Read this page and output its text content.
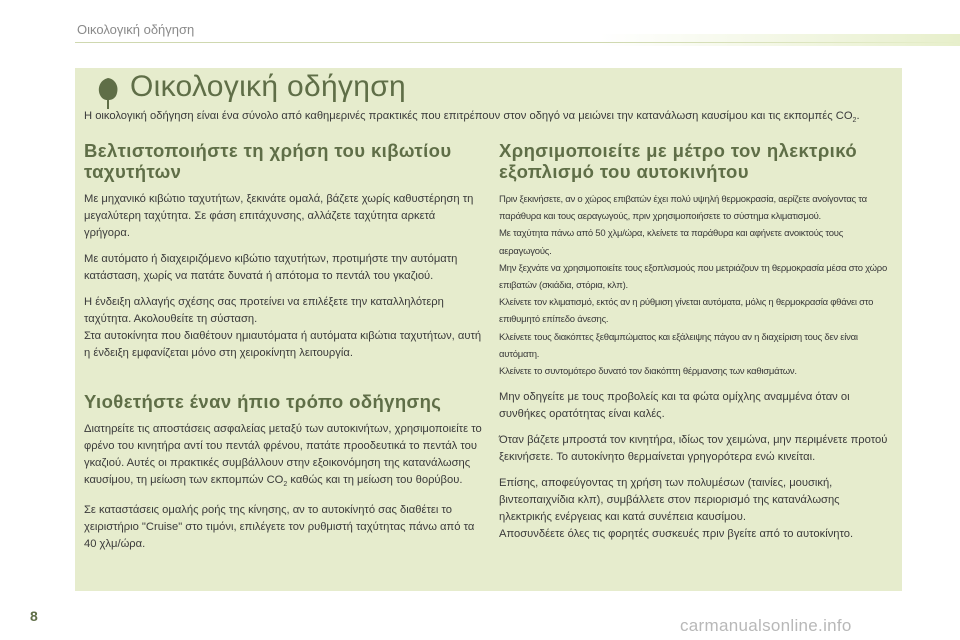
Οικολογική οδήγηση
Οικολογική οδήγηση

Η οικολογική οδήγηση είναι ένα σύνολο από καθημερινές πρακτικές που επιτρέπουν στον οδηγό να μειώνει την κατανάλωση καυσίμου και τις εκπομπές $CO_2$.

Βελτιστοποιήστε τη χρήση του κιβωτίου ταχυτήτων

Με μηχανικό κιβώτιο ταχυτήτων, ξεκινάτε ομαλά, βάζετε χωρίς καθυστέρηση τη μεγαλύτερη ταχύτητα. Σε φάση επιτάχυνσης, αλλάζετε ταχύτητα αρκετά γρήγορα.

Με αυτόματο ή διαχειριζόμενο κιβώτιο ταχυτήτων, προτιμήστε την αυτόματη κατάσταση, χωρίς να πατάτε δυνατά ή απότομα το πεντάλ του γκαζιού.

Η ένδειξη αλλαγής σχέσης σας προτείνει να επιλέξετε την καταλληλότερη ταχύτητα. Ακολουθείτε τη σύσταση.

Στα αυτοκίνητα που διαθέτουν ημιαυτόματα ή αυτόματα κιβώτια ταχυτήτων, αυτή η ένδειξη εμφανίζεται μόνο στη χειροκίνητη λειτουργία.

Υιοθετήστε έναν ήπιο τρόπο οδήγησης

Διατηρείτε τις αποστάσεις ασφαλείας μεταξύ των αυτοκινήτων, χρησιμοποιείτε το φρένο του κινητήρα αντί του πεντάλ φρένου, πατάτε προοδευτικά το πεντάλ του γκαζιού. Αυτές οι πρακτικές συμβάλλουν στην εξοικονόμηση της κατανάλωσης καυσίμου, τη μείωση των εκπομπών $CO_2$ καθώς και τη μείωση του θορύβου.

Σε καταστάσεις ομαλής ροής της κίνησης, αν το αυτοκίνητό σας διαθέτει το χειριστήριο "Cruise" στο τιμόνι, επιλέγετε τον ρυθμιστή ταχύτητας πάνω από τα 40 χλμ/ώρα.

Χρησιμοποιείτε με μέτρο τον ηλεκτρικό εξοπλισμό του αυτοκινήτου

Πριν ξεκινήσετε, αν ο χώρος επιβατών έχει πολύ υψηλή θερμοκρασία, αερίζετε ανοίγοντας τα παράθυρα και τους αεραγωγούς, πριν χρησιμοποιήσετε το σύστημα κλιματισμού.

Με ταχύτητα πάνω από 50 χλμ/ώρα, κλείνετε τα παράθυρα και αφήνετε ανοικτούς τους αεραγωγούς.

Μην ξεχνάτε να χρησιμοποιείτε τους εξοπλισμούς που μετριάζουν τη θερμοκρασία μέσα στο χώρο επιβατών (σκιάδια, στόρια, κλπ).

Κλείνετε τον κλιματισμό, εκτός αν η ρύθμιση γίνεται αυτόματα, μόλις η θερμοκρασία φθάνει στο επιθυμητό επίπεδο άνεσης.

Κλείνετε τους διακόπτες ξεθαμπώματος και εξάλειψης πάγου αν η διαχείριση τους δεν είναι αυτόματη.

Κλείνετε το συντομότερο δυνατό τον διακόπτη θέρμανσης των καθισμάτων.

Μην οδηγείτε με τους προβολείς και τα φώτα ομίχλης αναμμένα όταν οι συνθήκες ορατότητας είναι καλές.

Όταν βάζετε μπροστά τον κινητήρα, ιδίως τον χειμώνα, μην περιμένετε προτού ξεκινήσετε. Το αυτοκίνητο θερμαίνεται γρηγορότερα ενώ κινείται.

Επίσης, αποφεύγοντας τη χρήση των πολυμέσων (ταινίες, μουσική, βιντεοπαιχνίδια κλπ), συμβάλλετε στον περιορισμό της κατανάλωσης ηλεκτρικής ενέργειας και κατά συνέπεια καυσίμου.

Αποσυνδέετε όλες τις φορητές συσκευές πριν βγείτε από το αυτοκίνητο.

8	carmanualsonline.info
